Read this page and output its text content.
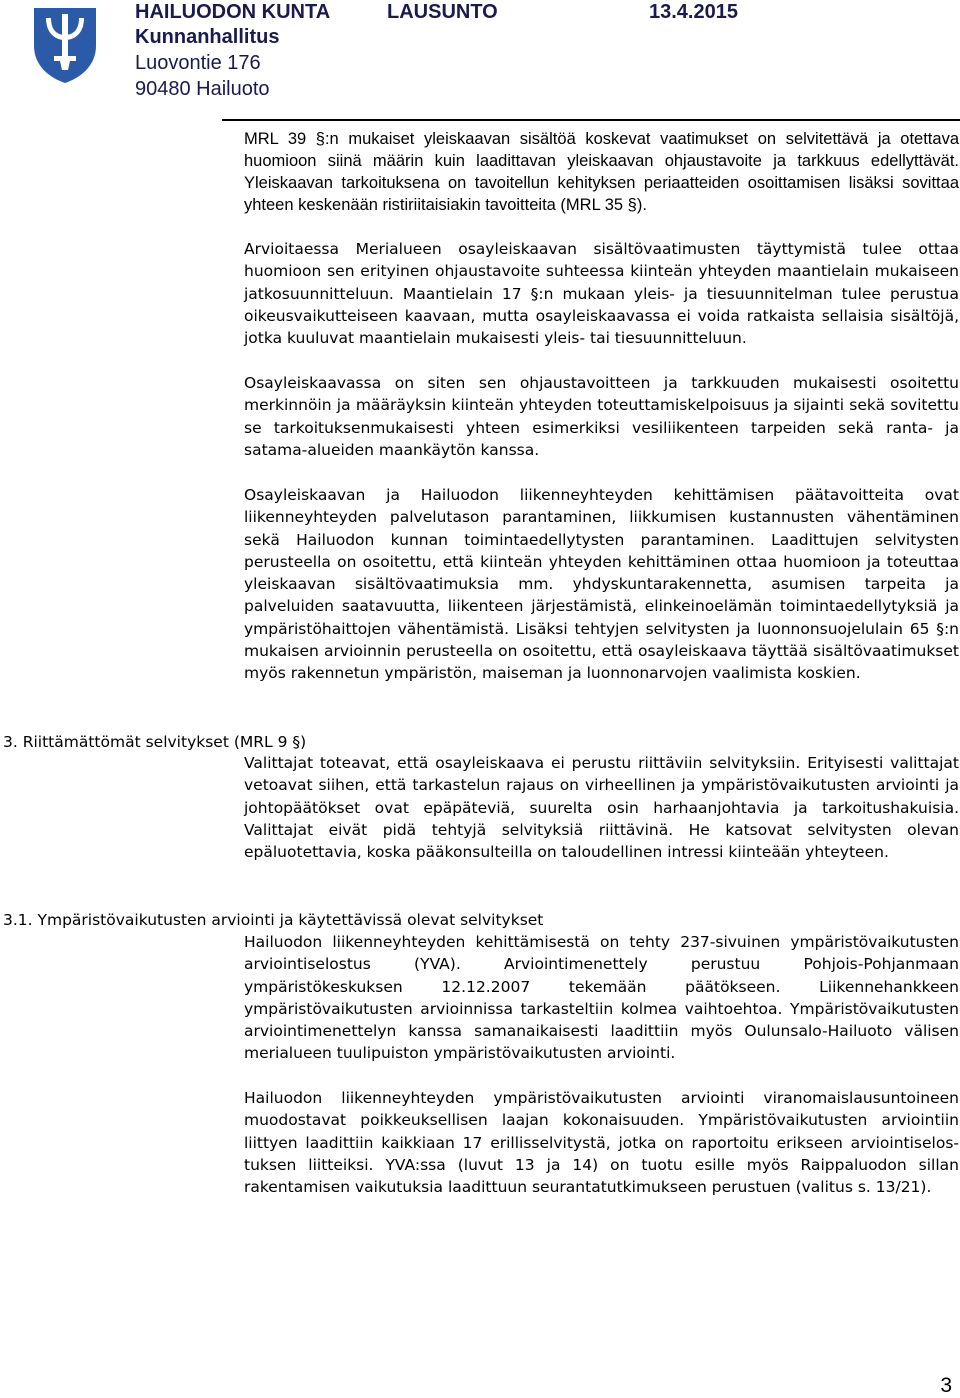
HAILUODON KUNTA

	LAUSUNTO

	13.4.2015

Kunnanhallitus
Luovontie 176
90480 Hailuoto

MRL 39 §:n mukaiset yleiskaavan sisältöä koskevat vaatimukset on selvitettävä ja otettava huomioon siinä määrin kuin laadittavan yleiskaavan ohjaustavoite ja tarkkuus edellyttävät. Yleiskaavan tarkoituksena on tavoitellun kehityksen periaatteiden osoittamisen lisäksi sovittaa yhteen keskenään ristiriitaisiakin tavoitteita (MRL 35 §).

Arvioitaessa Merialueen osayleiskaavan sisältövaatimusten täyttymistä tulee ottaa huomioon sen erityinen ohjaustavoite suhteessa kiinteän yhteyden maantielain mukaiseen jatkosuunnitteluun. Maantielain 17 §:n mukaan yleis- ja tiesuunnitelman tulee perustua oikeusvaikutteiseen kaavaan, mutta osayleiskaavassa ei voida ratkaista sellaisia sisältöjä, jotka kuuluvat maantielain mukaisesti yleis- tai tiesuunnitteluun.

Osayleiskaavassa on siten sen ohjaustavoitteen ja tarkkuuden mukaisesti osoitettu merkinnöin ja määräyksin kiinteän yhteyden toteuttamiskelpoisuus ja sijainti sekä sovitettu se tarkoituksenmukaisesti yhteen esimerkiksi vesiliikenteen tarpeiden sekä ranta- ja satama-alueiden maankäytön kanssa.

Osayleiskaavan ja Hailuodon liikenneyhteyden kehittämisen päätavoitteita ovat liikenneyhteyden palvelutason parantaminen, liikkumisen kustannusten vähentäminen sekä Hailuodon kunnan toimintaedellytysten parantaminen. Laadittujen selvitysten perusteella on osoitettu, että kiinteän yhteyden kehittäminen ottaa huomioon ja toteuttaa yleiskaavan sisältövaatimuksia mm. yhdyskuntarakennetta, asumisen tarpeita ja palveluiden saatavuutta, liikenteen järjestämistä, elinkeinoelämän toimintaedellytyksiä ja ympäristöhaittojen vähentämistä. Lisäksi tehtyjen selvitysten ja luonnonsuojelulain 65 §:n mukaisen arvioinnin perusteella on osoitettu, että osayleiskaava täyttää sisältövaatimukset myös rakennetun ympäristön, maiseman ja luonnonarvojen vaalimista koskien.

3. Riittämättömät selvitykset (MRL 9 §)

Valittajat toteavat, että osayleiskaava ei perustu riittäviin selvityksiin. Erityisesti valittajat vetoavat siihen, että tarkastelun rajaus on virheellinen ja ympäristövaikutusten arviointi ja johtopäätökset ovat epäpäteviä, suurelta osin harhaanjohtavia ja tarkoitushakuisia. Valittajat eivät pidä tehtyjä selvityksiä riittävinä. He katsovat selvitysten olevan epäluotettavia, koska pääkonsulteilla on taloudellinen intressi kiinteään yhteyteen.

3.1. Ympäristövaikutusten arviointi ja käytettävissä olevat selvitykset

Hailuodon liikenneyhteyden kehittämisestä on tehty 237-sivuinen ympäristövaikutusten arviointiselostus (YVA). Arviointimenettely perustuu Pohjois-Pohjanmaan ympäristökeskuksen 12.12.2007 tekemään päätökseen. Liikennehankkeen ympäristövaikutusten arvioinnissa tarkasteltiin kolmea vaihtoehtoa. Ympäristövaikutusten arviointimenettelyn kanssa samanaikaisesti laadittiin myös Oulunsalo-Hailuoto välisen merialueen tuulipuiston ympäristövaikutusten arviointi.

Hailuodon liikenneyhteyden ympäristövaikutusten arviointi viranomaislausuntoineen muodostavat poikkeuksellisen laajan kokonaisuuden. Ympäristövaikutusten arviointiin liittyen laadittiin kaikkiaan 17 erillisselvitystä, jotka on raportoitu erikseen arviointiselos-tuksen liitteiksi. YVA:ssa (luvut 13 ja 14) on tuotu esille myös Raippaluodon sillan rakentamisen vaikutuksia laadittuun seurantatutkimukseen perustuen (valitus s. 13/21).

3
